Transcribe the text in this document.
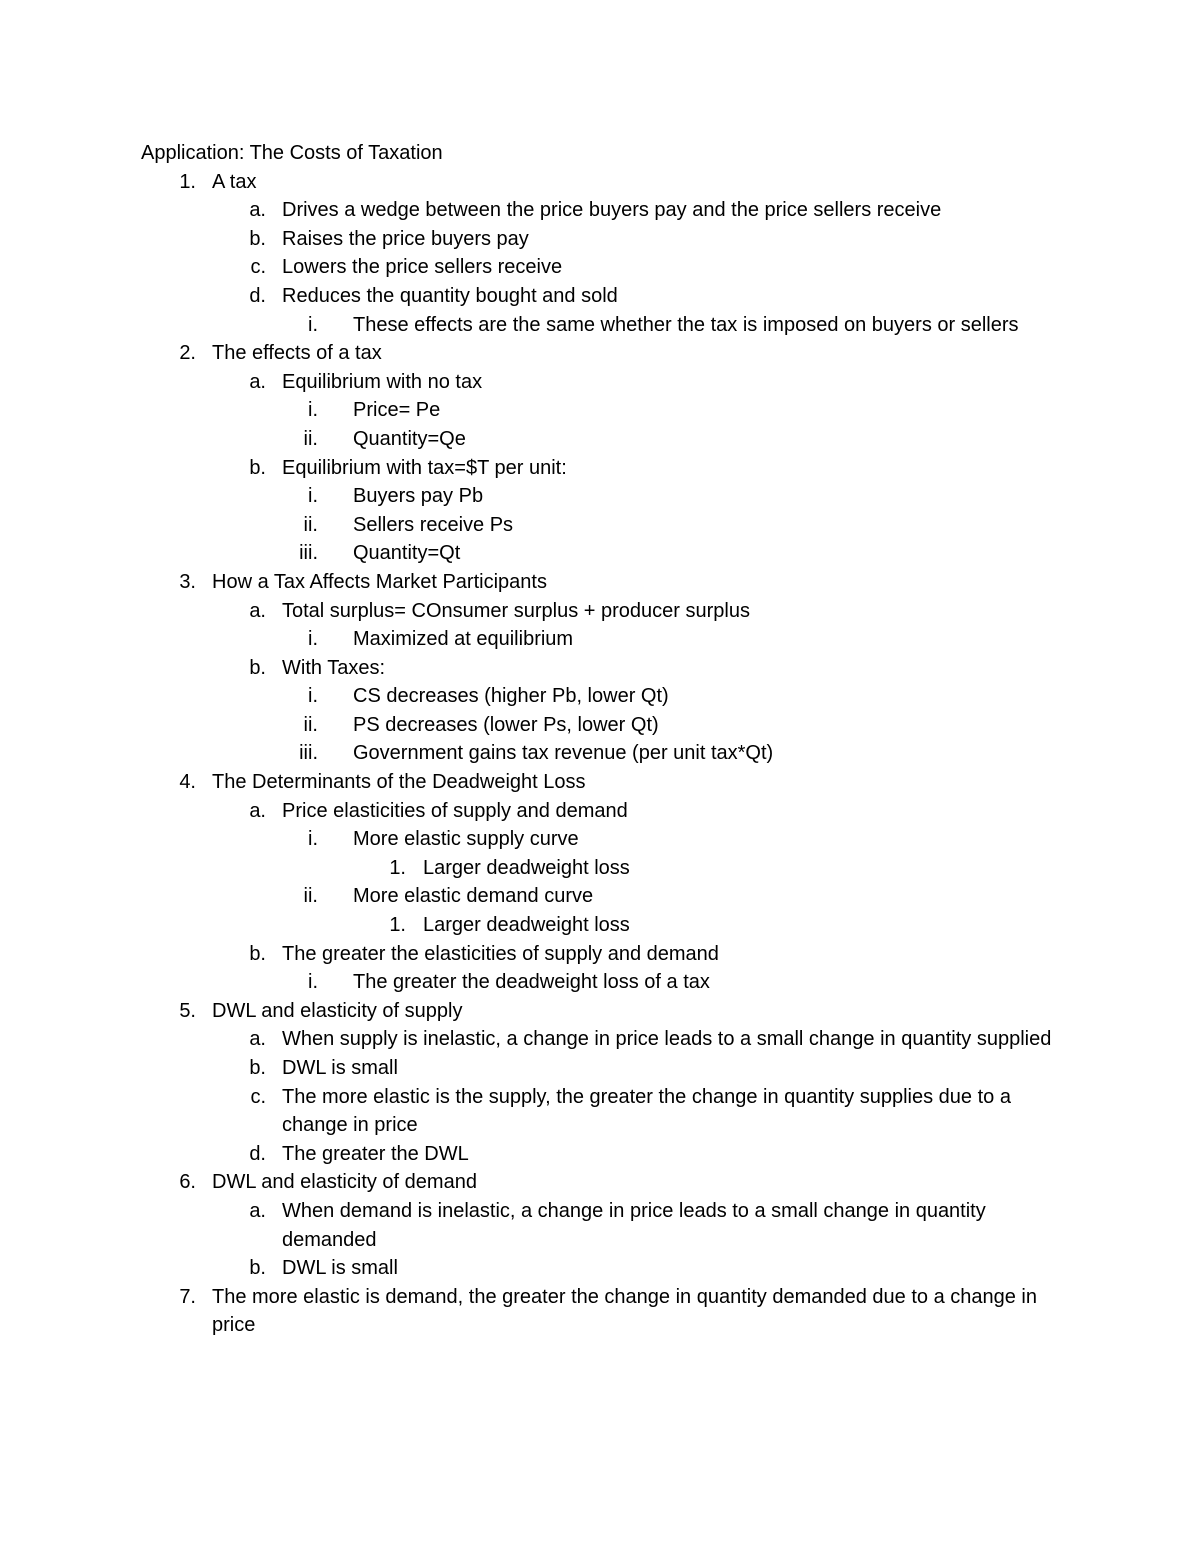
Application: The Costs of Taxation
1. A tax
a. Drives a wedge between the price buyers pay and the price sellers receive
b. Raises the price buyers pay
c. Lowers the price sellers receive
d. Reduces the quantity bought and sold
i. These effects are the same whether the tax is imposed on buyers or sellers
2. The effects of a tax
a. Equilibrium with no tax
i. Price= Pe
ii. Quantity=Qe
b. Equilibrium with tax=$T per unit:
i. Buyers pay Pb
ii. Sellers receive Ps
iii. Quantity=Qt
3. How a Tax Affects Market Participants
a. Total surplus= COnsumer surplus + producer surplus
i. Maximized at equilibrium
b. With Taxes:
i. CS decreases (higher Pb, lower Qt)
ii. PS decreases (lower Ps, lower Qt)
iii. Government gains tax revenue (per unit tax*Qt)
4. The Determinants of the Deadweight Loss
a. Price elasticities of supply and demand
i. More elastic supply curve
1. Larger deadweight loss
ii. More elastic demand curve
1. Larger deadweight loss
b. The greater the elasticities of supply and demand
i. The greater the deadweight loss of a tax
5. DWL and elasticity of supply
a. When supply is inelastic, a change in price leads to a small change in quantity supplied
b. DWL is small
c. The more elastic is the supply, the greater the change in quantity supplies due to a change in price
d. The greater the DWL
6. DWL and elasticity of demand
a. When demand is inelastic, a change in price leads to a small change in quantity demanded
b. DWL is small
7. The more elastic is demand, the greater the change in quantity demanded due to a change in price
